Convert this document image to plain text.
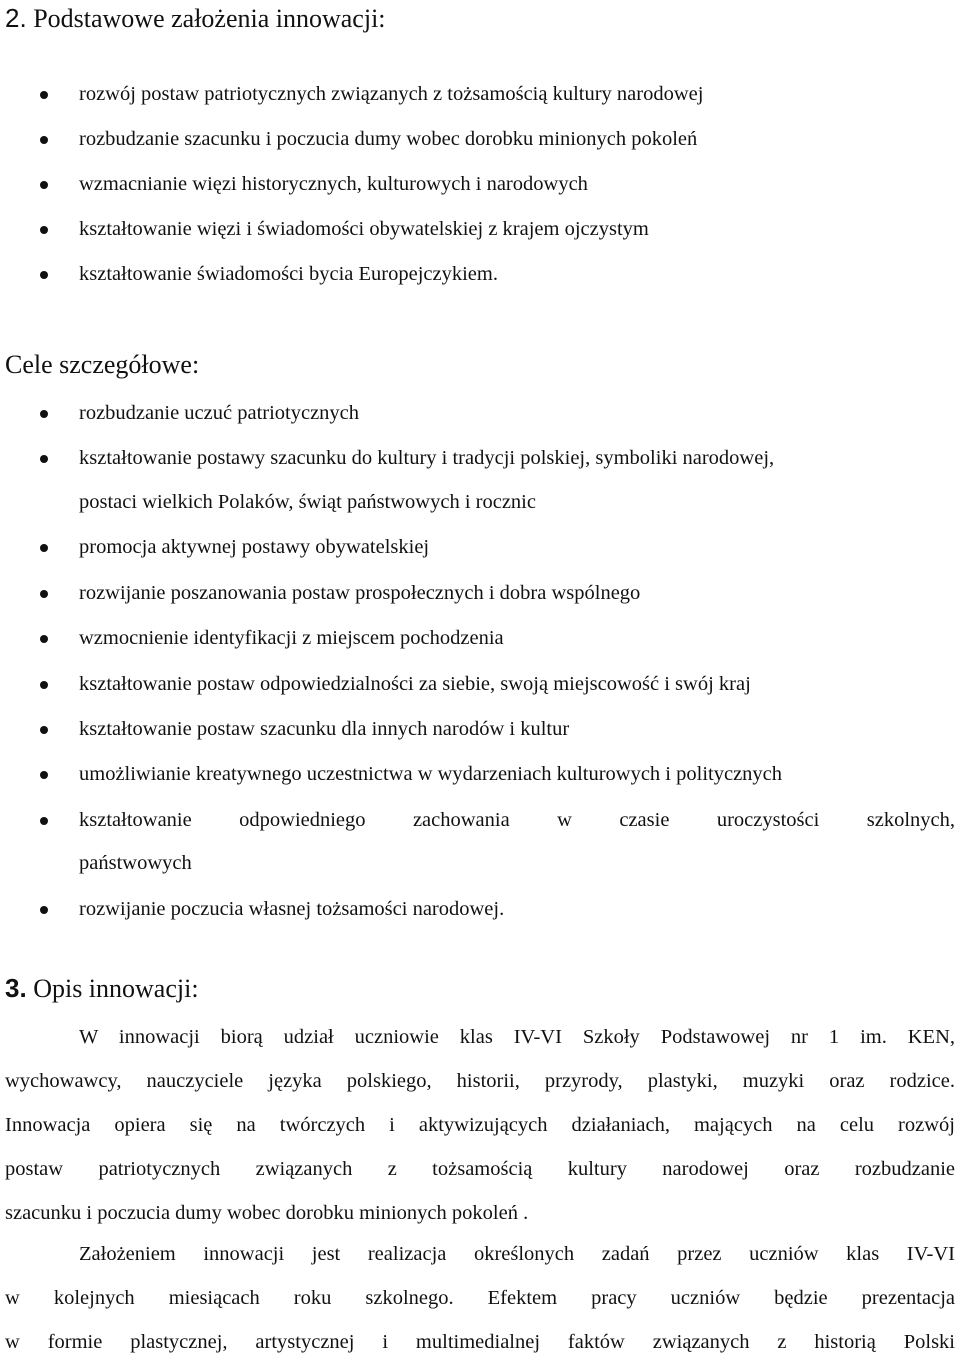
2. Podstawowe założenia innowacji:
rozwój postaw patriotycznych związanych z tożsamością kultury narodowej
rozbudzanie szacunku i poczucia dumy wobec dorobku minionych pokoleń
wzmacnianie więzi historycznych, kulturowych i narodowych
kształtowanie więzi i świadomości obywatelskiej z krajem ojczystym
kształtowanie świadomości bycia Europejczykiem.
Cele szczegółowe:
rozbudzanie uczuć patriotycznych
kształtowanie postawy szacunku do kultury i tradycji polskiej, symboliki narodowej,
postaci wielkich Polaków, świąt państwowych i rocznic
promocja aktywnej postawy obywatelskiej
rozwijanie poszanowania postaw prospołecznych i dobra wspólnego
wzmocnienie identyfikacji z miejscem pochodzenia
kształtowanie postaw odpowiedzialności za siebie, swoją miejscowość i swój kraj
kształtowanie postaw szacunku dla innych narodów i kultur
umożliwianie kreatywnego uczestnictwa w wydarzeniach kulturowych i politycznych
kształtowanie odpowiedniego zachowania w czasie uroczystości szkolnych,
państwowych
rozwijanie poczucia własnej tożsamości narodowej.
3. Opis innowacji:
W innowacji biorą udział uczniowie klas IV-VI Szkoły Podstawowej nr 1 im. KEN,
wychowawcy, nauczyciele języka polskiego, historii, przyrody, plastyki, muzyki oraz rodzice.
Innowacja opiera się na twórczych i aktywizujących działaniach, mających na celu rozwój
postaw patriotycznych związanych z tożsamością kultury narodowej oraz rozbudzanie
szacunku i poczucia dumy wobec dorobku minionych pokoleń .
Założeniem innowacji jest realizacja określonych zadań przez uczniów klas IV-VI
w kolejnych miesiącach roku szkolnego. Efektem pracy uczniów będzie prezentacja
w formie plastycznej, artystycznej i multimedialnej faktów związanych z historią Polski
